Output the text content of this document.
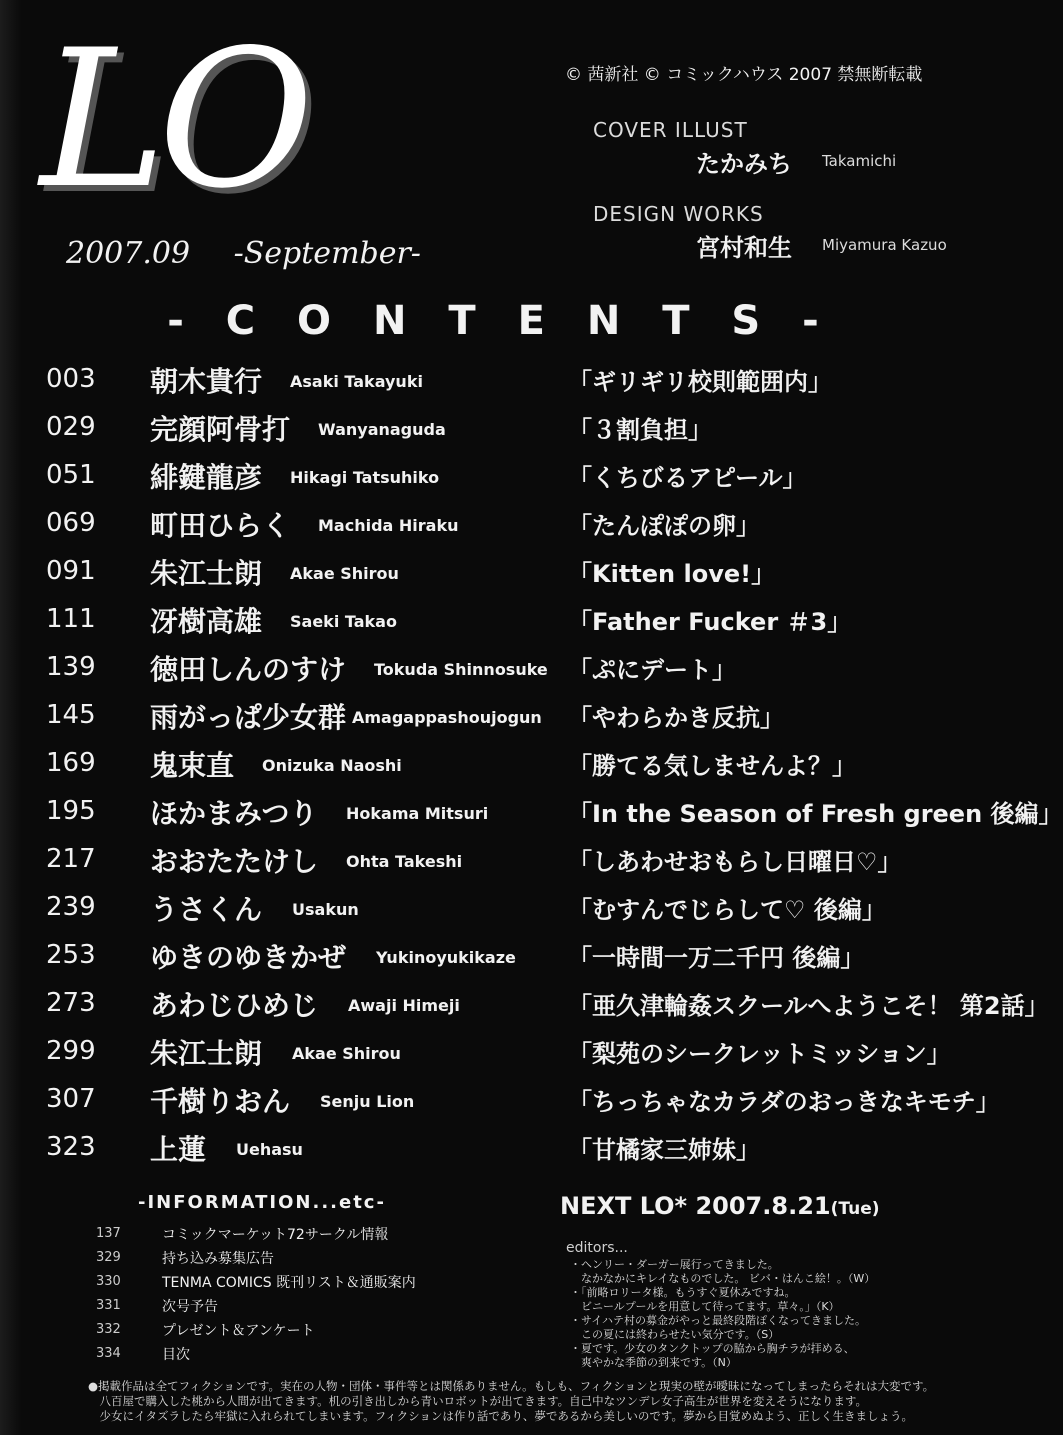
LO
2007.09 -September-
© 茜新社 © コミックハウス 2007 禁無断転載
COVER ILLUST
たかみち Takamichi
DESIGN WORKS
宮村和生 Miyamura Kazuo
- C O N T E N T S -
003 朝木貴行 Asaki Takayuki	「ギリギリ校則範囲内」
029 完顔阿骨打 Wanyanaguda	「３割負担」
051 緋鍵龍彦 Hikagi Tatsuhiko	「くちびるアピール」
069 町田ひらく Machida Hiraku	「たんぽぽの卵」
091 朱江士朗 Akae Shirou	「Kitten love!」
111 冴樹高雄 Saeki Takao	「Father Fucker ＃3」
139 徳田しんのすけ Tokuda Shinnosuke 「ぷにデート」
145 雨がっぱ少女群 Amagappashoujogun 「やわらかき反抗」
169 鬼束直 Onizuka Naoshi	「勝てる気しませんよ？」
195 ほかまみつり Hokama Mitsuri	「In the Season of Fresh green 後編」
217 おおたたけし Ohta Takeshi	「しあわせおもらし日曜日♡」
239 うさくん Usakun	「むすんでじらして♡ 後編」
253 ゆきのゆきかぜ Yukinoyukikaze 「一時間一万二千円 後編」
273 あわじひめじ Awaji Himeji	「亜久津輪姦スクールへようこそ！ 第2話」
299 朱江士朗 Akae Shirou	「梨苑のシークレットミッション」
307 千樹りおん Senju Lion	「ちっちゃなカラダのおっきなキモチ」
323 上蓮 Uehasu	「甘橘家三姉妹」
-INFORMATION...etc-
137	コミックマーケット72サークル情報
329	持ち込み募集広告
330	TENMA COMICS 既刊リスト＆通販案内
331	次号予告
332	プレゼント＆アンケート
334	目次
NEXT LO* 2007.8.21(Tue)
editors...
・ヘンリー・ダーガー展行ってきました。
　なかなかにキレイなものでした。 ビバ・はんこ絵！。（W）
・「前略ロリータ様。もうすぐ夏休みですね。
　ビニールプールを用意して待ってます。草々。」（K）
・サイハテ村の募金がやっと最終段階ぽくなってきました。
　この夏には終わらせたい気分です。（S）
・夏です。少女のタンクトップの脇から胸チラが拝める、
　爽やかな季節の到来です。（N）
●掲載作品は全てフィクションです。実在の人物・団体・事件等とは関係ありません。もしも、フィクションと現実の壁が曖昧になってしまったらそれは大変です。
　八百屋で購入した桃から人間が出てきます。机の引き出しから青いロボットが出てきます。自己中なツンデレ女子高生が世界を変えそうになります。
　少女にイタズラしたら牢獄に入れられてしまいます。フィクションは作り話であり、夢であるから美しいのです。夢から目覚めぬよう、正しく生きましょう。
